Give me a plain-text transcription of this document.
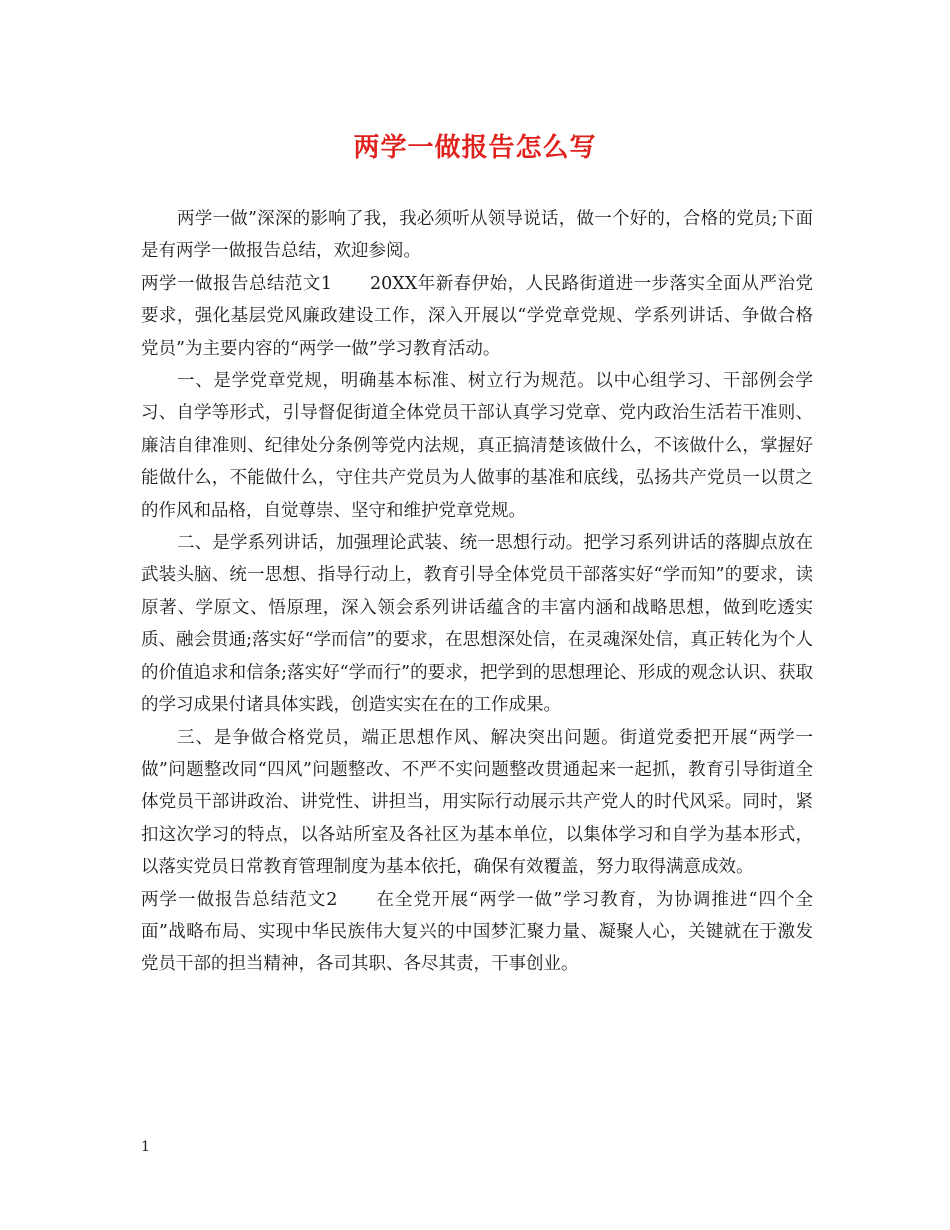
两学一做报告怎么写

两学一做”深深的影响了我，我必须听从领导说话，做一个好的，合格的党员;下面是有两学一做报告总结，欢迎参阅。

两学一做报告总结范文1 20XX年新春伊始，人民路街道进一步落实全面从严治党要求，强化基层党风廉政建设工作，深入开展以“学党章党规、学系列讲话、争做合格党员”为主要内容的“两学一做”学习教育活动。

一、是学党章党规，明确基本标准、树立行为规范。以中心组学习、干部例会学习、自学等形式，引导督促街道全体党员干部认真学习党章、党内政治生活若干准则、廉洁自律准则、纪律处分条例等党内法规，真正搞清楚该做什么，不该做什么，掌握好能做什么，不能做什么，守住共产党员为人做事的基准和底线，弘扬共产党员一以贯之的作风和品格，自觉尊崇、坚守和维护党章党规。

二、是学系列讲话，加强理论武装、统一思想行动。把学习系列讲话的落脚点放在武装头脑、统一思想、指导行动上，教育引导全体党员干部落实好“学而知”的要求，读原著、学原文、悟原理，深入领会系列讲话蕴含的丰富内涵和战略思想，做到吃透实质、融会贯通;落实好“学而信”的要求，在思想深处信，在灵魂深处信，真正转化为个人的价值追求和信条;落实好“学而行”的要求，把学到的思想理论、形成的观念认识、获取的学习成果付诸具体实践，创造实实在在的工作成果。

三、是争做合格党员，端正思想作风、解决突出问题。街道党委把开展“两学一做”问题整改同“四风”问题整改、不严不实问题整改贯通起来一起抓，教育引导街道全体党员干部讲政治、讲党性、讲担当，用实际行动展示共产党人的时代风采。同时，紧扣这次学习的特点，以各站所室及各社区为基本单位，以集体学习和自学为基本形式，以落实党员日常教育管理制度为基本依托，确保有效覆盖，努力取得满意成效。

两学一做报告总结范文2 在全党开展“两学一做”学习教育，为协调推进“四个全面”战略布局、实现中华民族伟大复兴的中国梦汇聚力量、凝聚人心，关键就在于激发党员干部的担当精神，各司其职、各尽其责，干事创业。

1
